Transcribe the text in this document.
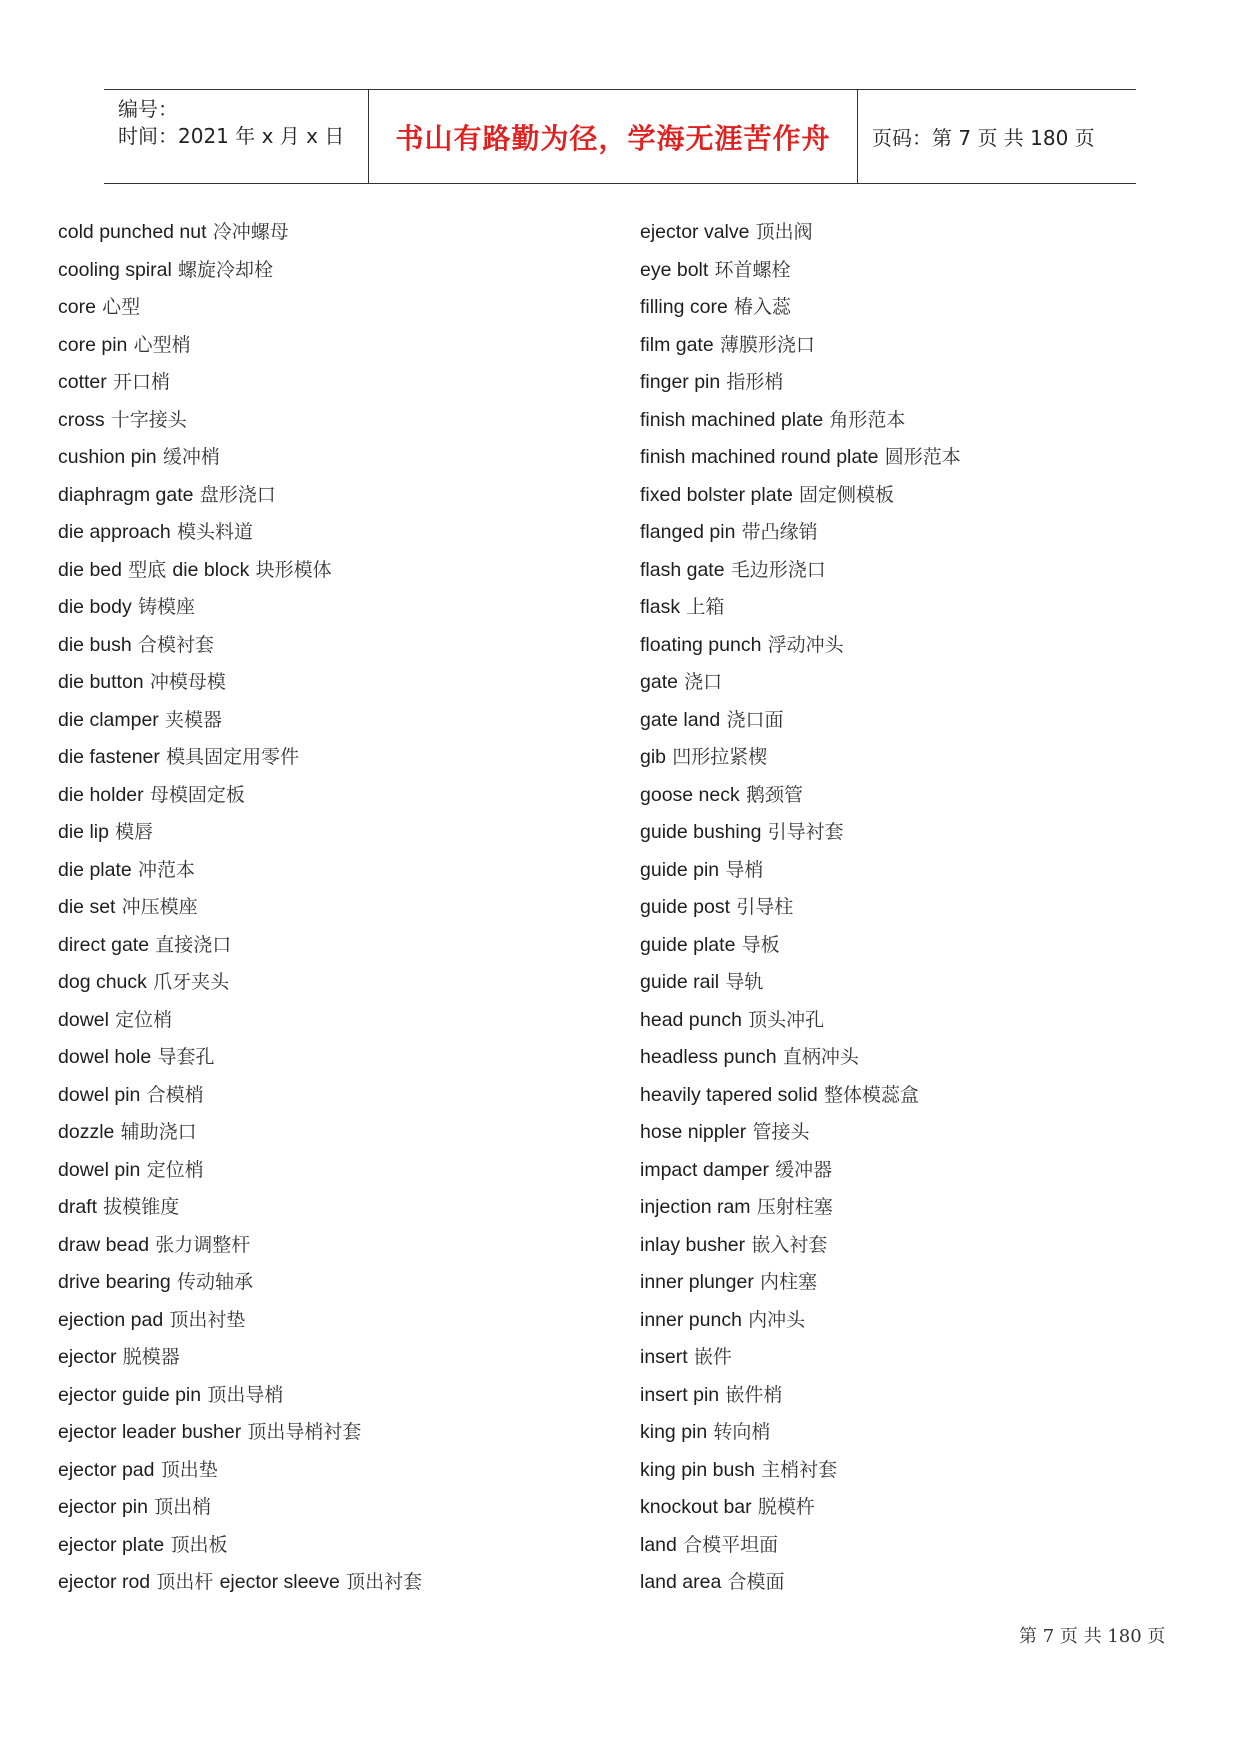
编号：
时间：2021 年 x 月 x 日 书山有路勤为径，学海无涯苦作舟 页码：第 7 页 共 180 页
cold punched nut 冷冲螺母
cooling spiral 螺旋冷却栓
core 心型
core pin 心型梢
cotter 开口梢
cross 十字接头
cushion pin 缓冲梢
diaphragm gate 盘形浇口
die approach 模头料道
die bed 型底 die block 块形模体
die body 铸模座
die bush 合模衬套
die button 冲模母模
die clamper 夹模器
die fastener 模具固定用零件
die holder 母模固定板
die lip 模唇
die plate 冲范本
die set 冲压模座
direct gate 直接浇口
dog chuck 爪牙夹头
dowel 定位梢
dowel hole 导套孔
dowel pin 合模梢
dozzle 辅助浇口
dowel pin 定位梢
draft 拔模锥度
draw bead 张力调整杆
drive bearing 传动轴承
ejection pad 顶出衬垫
ejector 脱模器
ejector guide pin 顶出导梢
ejector leader busher 顶出导梢衬套
ejector pad 顶出垫
ejector pin 顶出梢
ejector plate 顶出板
ejector rod 顶出杆 ejector sleeve 顶出衬套
ejector valve 顶出阀
eye bolt 环首螺栓
filling core 椿入蕊
film gate 薄膜形浇口
finger pin 指形梢
finish machined plate 角形范本
finish machined round plate 圆形范本
fixed bolster plate 固定侧模板
flanged pin 带凸缘销
flash gate 毛边形浇口
flask 上箱
floating punch 浮动冲头
gate 浇口
gate land 浇口面
gib 凹形拉紧楔
goose neck 鹅颈管
guide bushing 引导衬套
guide pin 导梢
guide post 引导柱
guide plate 导板
guide rail 导轨
head punch 顶头冲孔
headless punch 直柄冲头
heavily tapered solid 整体模蕊盒
hose nippler 管接头
impact damper 缓冲器
injection ram 压射柱塞
inlay busher 嵌入衬套
inner plunger 内柱塞
inner punch 内冲头
insert 嵌件
insert pin 嵌件梢
king pin 转向梢
king pin bush 主梢衬套
knockout bar 脱模杵
land 合模平坦面
land area 合模面
第 7 页 共 180 页
